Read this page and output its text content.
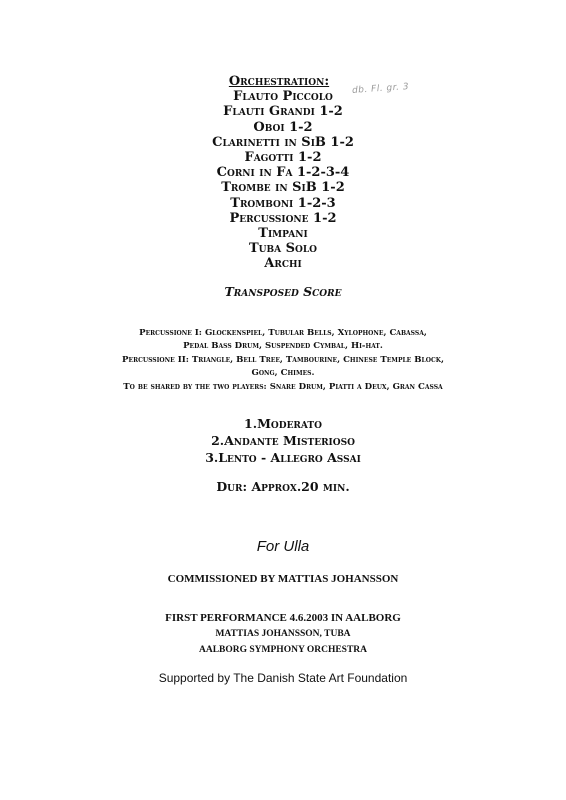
Orchestration:
Flauto Piccolo
Flauti Grandi 1-2
Oboi 1-2
Clarinetti in SiB 1-2
Fagotti 1-2
Corni in Fa 1-2-3-4
Trombe in SiB 1-2
Tromboni 1-2-3
Percussione 1-2
Timpani
Tuba Solo
Archi
db. Fl. gr. 3
Transposed Score
Percussione I: Glockenspiel, Tubular Bells, Xylophone, Cabassa,
Pedal Bass Drum, Suspended Cymbal, Hi-hat.
Percussione II: Triangle, Bell Tree, Tambourine, Chinese Temple Block,
Gong, Chimes.
To be shared by the two players: Snare Drum, Piatti a Deux, Gran Cassa
1.Moderato
2.Andante Misterioso
3.Lento - Allegro Assai
Dur: Approx.20 min.
For Ulla
COMMISSIONED BY MATTIAS JOHANSSON
FIRST PERFORMANCE 4.6.2003 IN AALBORG
MATTIAS JOHANSSON, TUBA
AALBORG SYMPHONY ORCHESTRA
Supported by The Danish State Art Foundation
